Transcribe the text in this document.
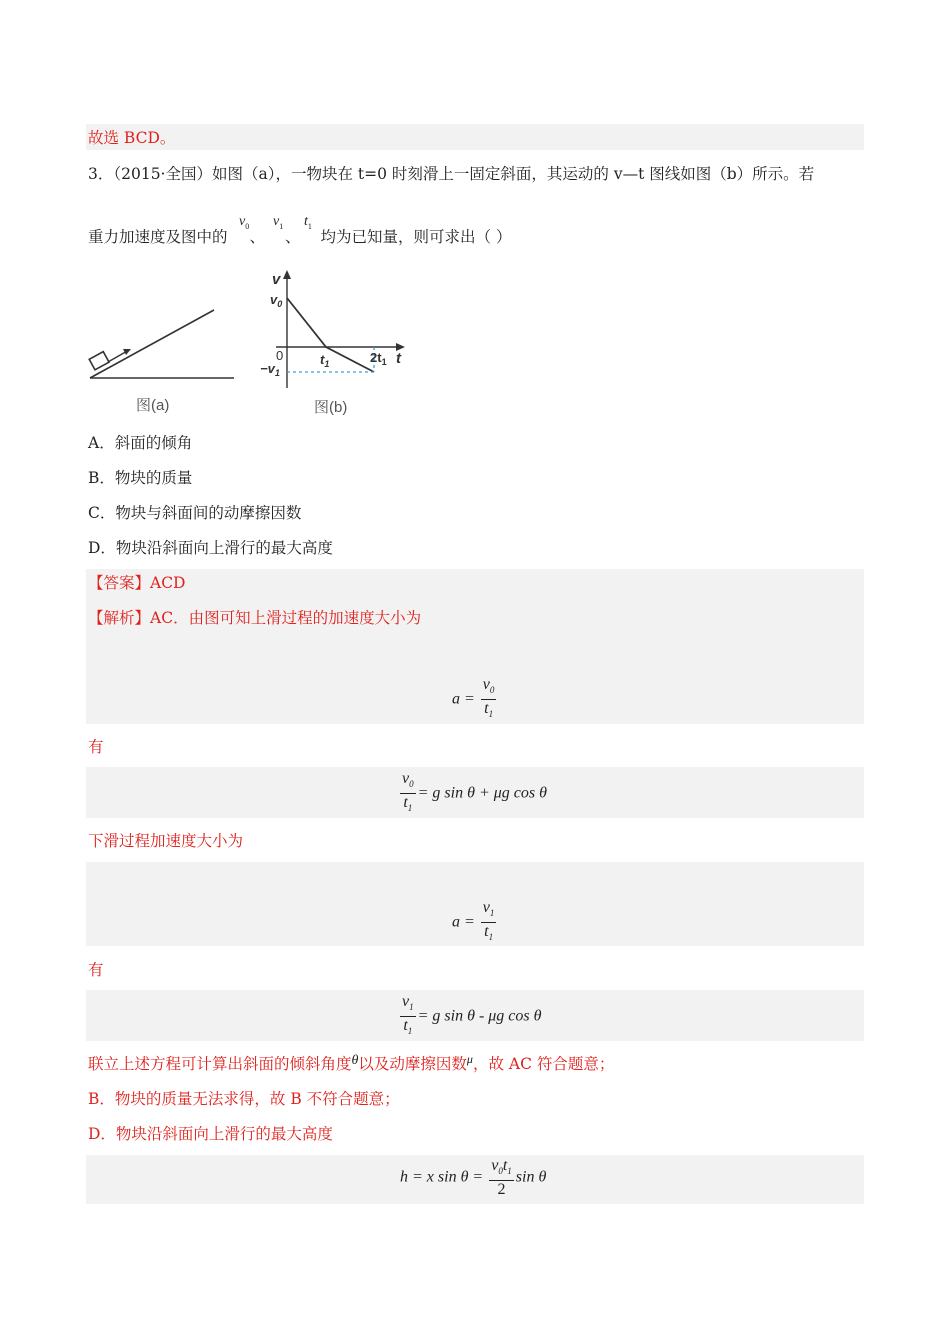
故选 BCD。
3．（2015·全国）如图（a），一物块在 t=0 时刻滑上一固定斜面，其运动的 v—t 图线如图（b）所示。若
重力加速度及图中的 、 、 均为已知量，则可求出（ ）
$v_0$ $v_1$ $t_1$
图(a)
v
$v_0$
0	$t_1$	$2t_1$ t
$-v_1$
图(b)
A．斜面的倾角
B．物块的质量
C．物块与斜面间的动摩擦因数
D．物块沿斜面向上滑行的最大高度
【答案】ACD
【解析】AC．由图可知上滑过程的加速度大小为
$a = \frac{v_0}{t_1}$
有
$\frac{v_0}{t_1} = g$ sin θ + μg cos θ
下滑过程加速度大小为
$a = \frac{v_1}{t_1}$
有
$\frac{v_1}{t_1} = g$ sin θ - μg cos θ
联立上述方程可计算出斜面的倾斜角度θ以及动摩擦因数$^\mu$，故 AC 符合题意；
B．物块的质量无法求得，故 B 不符合题意；
D．物块沿斜面向上滑行的最大高度
h = x $\sin \theta = \frac{v_0t_1}{2}$ sin θ
